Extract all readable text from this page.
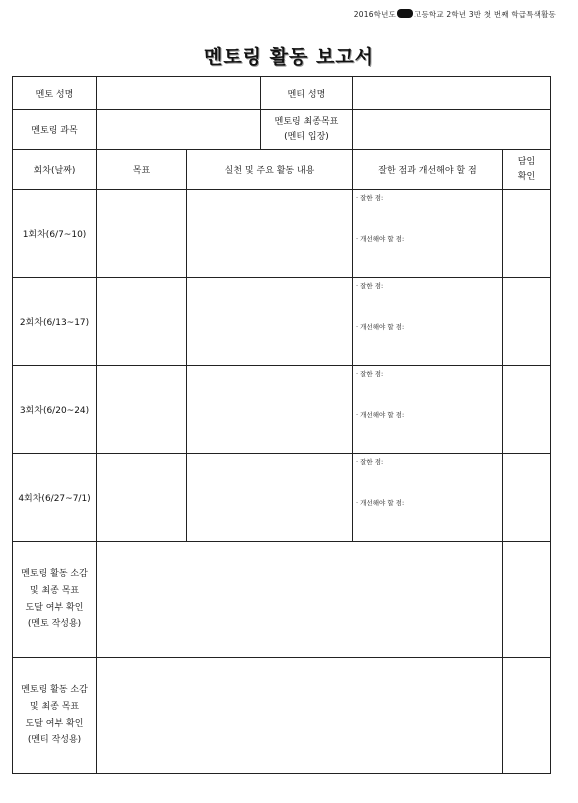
2016학년도 고등학교 2학년 3반 첫 번째 학급특색활동
멘토링 활동 보고서
멘토 성명			멘티 성명		
멘토링 과목			멘토링 최종목표
(멘티 입장)		

회차(날짜)	목표	실천 및 주요 활동 내용		잘한 점과 개선해야 할 점	담임
확인

1회차(6/7~10)				· 잘한 점:
· 개선해야 할 점:	

2회차(6/13~17)				· 잘한 점:
· 개선해야 할 점:	

3회차(6/20~24)				· 잘한 점:
· 개선해야 할 점:	

4회차(6/27~7/1)				· 잘한 점:
· 개선해야 할 점:	

멘토링 활동 소감
및 최종 목표
도달 여부 확인
(멘토 작성용)					

멘토링 활동 소감
및 최종 목표
도달 여부 확인
(멘티 작성용)					
